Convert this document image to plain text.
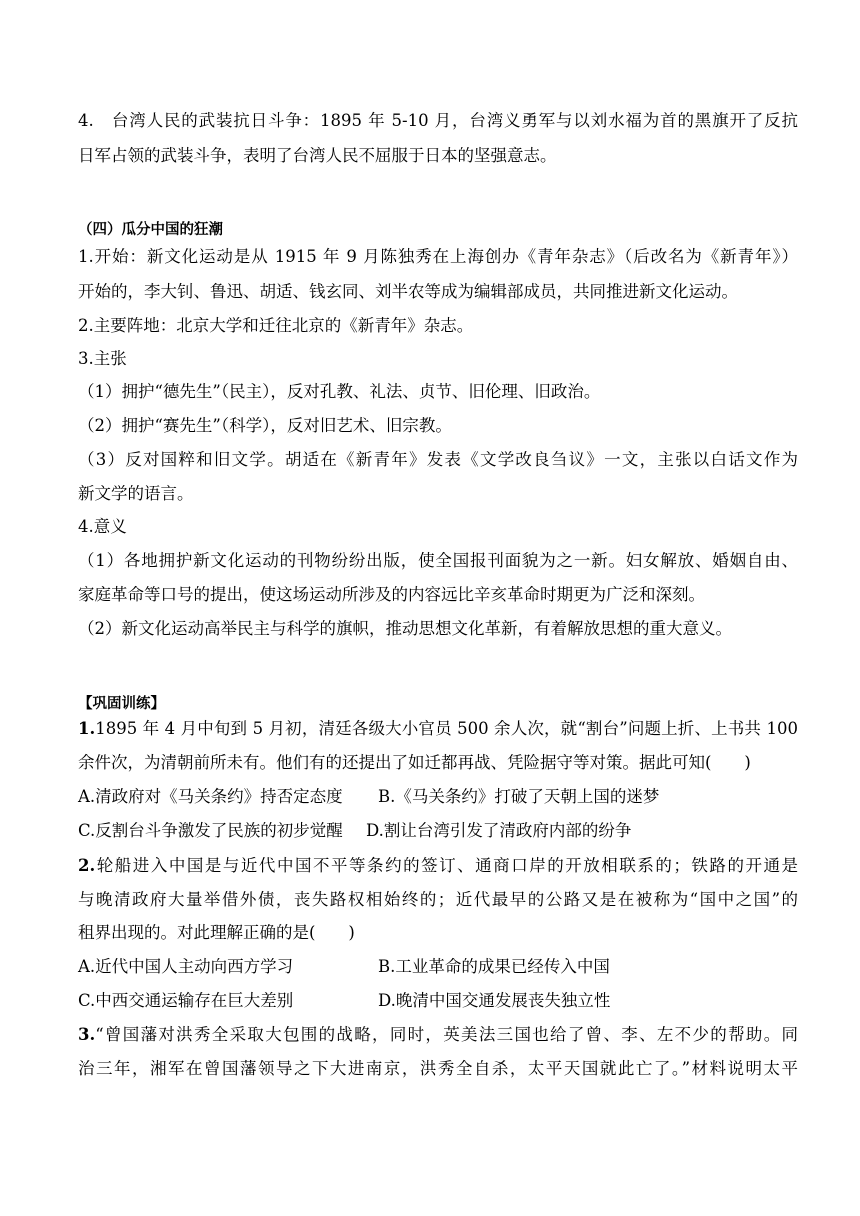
4.　台湾人民的武装抗日斗争：1895 年 5-10 月，台湾义勇军与以刘水福为首的黑旗开了反抗
日军占领的武装斗争，表明了台湾人民不屈服于日本的坚强意志。
（四）瓜分中国的狂潮
1.开始：新文化运动是从 1915 年 9 月陈独秀在上海创办《青年杂志》（后改名为《新青年》）
开始的，李大钊、鲁迅、胡适、钱玄同、刘半农等成为编辑部成员，共同推进新文化运动。
2.主要阵地：北京大学和迁往北京的《新青年》杂志。
3.主张
（1）拥护“德先生”（民主），反对孔教、礼法、贞节、旧伦理、旧政治。
（2）拥护“赛先生”（科学），反对旧艺术、旧宗教。
（3）反对国粹和旧文学。胡适在《新青年》发表《文学改良刍议》一文，主张以白话文作为
新文学的语言。
4.意义
（1）各地拥护新文化运动的刊物纷纷出版，使全国报刊面貌为之一新。妇女解放、婚姻自由、
家庭革命等口号的提出，使这场运动所涉及的内容远比辛亥革命时期更为广泛和深刻。
（2）新文化运动高举民主与科学的旗帜，推动思想文化革新，有着解放思想的重大意义。
【巩固训练】
1.1895 年 4 月中旬到 5 月初，清廷各级大小官员 500 余人次，就“割台”问题上折、上书共 100
余件次，为清朝前所未有。他们有的还提出了如迁都再战、凭险据守等对策。据此可知(　　)
A.清政府对《马关条约》持否定态度 B.《马关条约》打破了天朝上国的迷梦
C.反割台斗争激发了民族的初步觉醒 D.割让台湾引发了清政府内部的纷争
2.轮船进入中国是与近代中国不平等条约的签订、通商口岸的开放相联系的；铁路的开通是
与晚清政府大量举借外债，丧失路权相始终的；近代最早的公路又是在被称为“国中之国”的
租界出现的。对此理解正确的是(　　)
A.近代中国人主动向西方学习	B.工业革命的成果已经传入中国
C.中西交通运输存在巨大差别	D.晚清中国交通发展丧失独立性
3.“曾国藩对洪秀全采取大包围的战略，同时，英美法三国也给了曾、李、左不少的帮助。同
治三年，湘军在曾国藩领导之下大进南京，洪秀全自杀，太平天国就此亡了。”材料说明太平
